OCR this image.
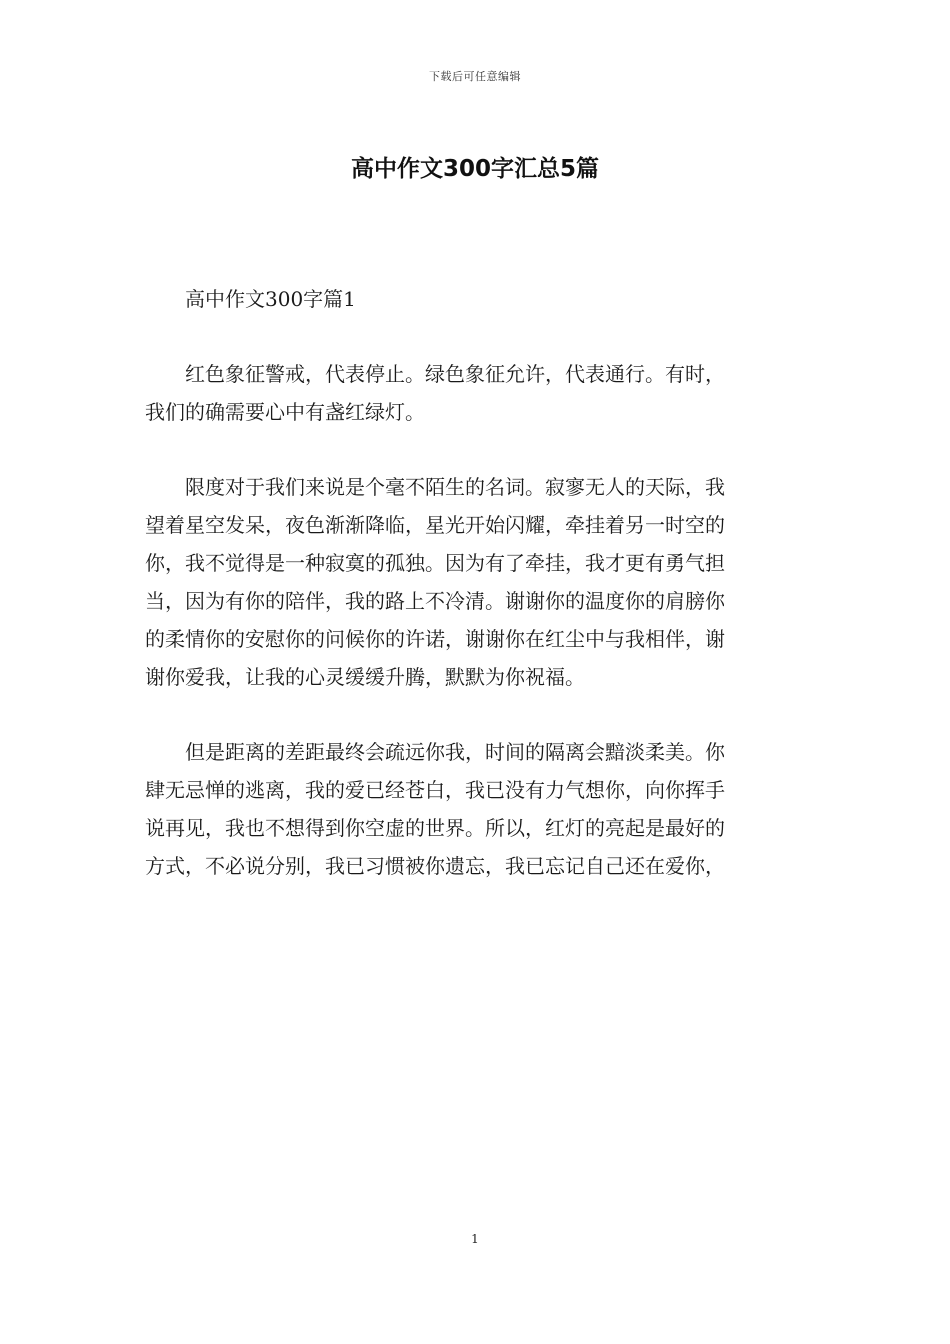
下载后可任意编辑
高中作文300字汇总5篇
高中作文300字篇1

红色象征警戒，代表停止。绿色象征允许，代表通行。有时，
我们的确需要心中有盏红绿灯。

限度对于我们来说是个毫不陌生的名词。寂寥无人的天际，我
望着星空发呆，夜色渐渐降临，星光开始闪耀，牵挂着另一时空的
你，我不觉得是一种寂寞的孤独。因为有了牵挂，我才更有勇气担
当，因为有你的陪伴，我的路上不冷清。谢谢你的温度你的肩膀你
的柔情你的安慰你的问候你的许诺，谢谢你在红尘中与我相伴，谢
谢你爱我，让我的心灵缓缓升腾，默默为你祝福。

但是距离的差距最终会疏远你我，时间的隔离会黯淡柔美。你
肆无忌惮的逃离，我的爱已经苍白，我已没有力气想你，向你挥手
说再见，我也不想得到你空虚的世界。所以，红灯的亮起是最好的
方式，不必说分别，我已习惯被你遗忘，我已忘记自己还在爱你，

1
